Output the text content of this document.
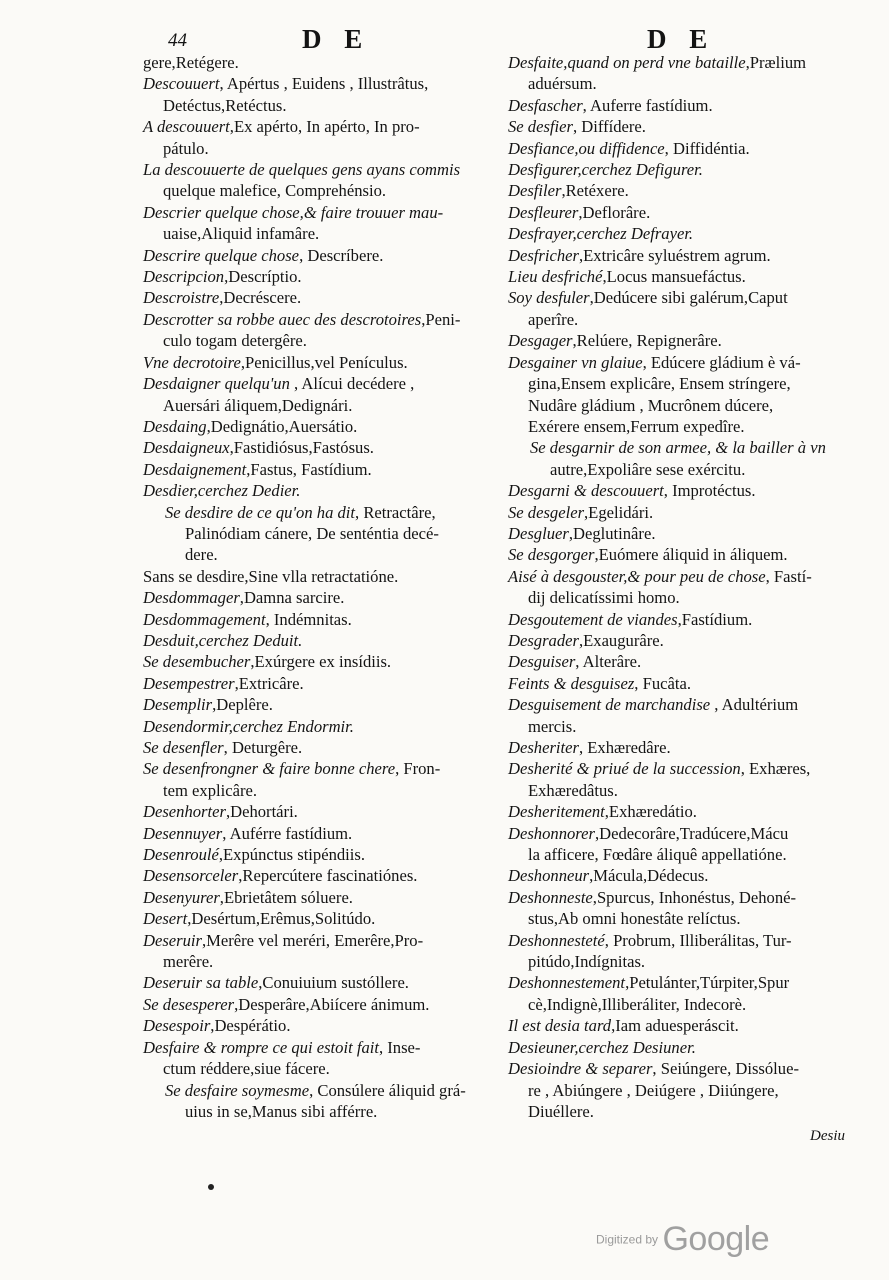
44	D E	D E
gere,Retégere.
Descouuert, Apértus , Euidens , Illustrâtus,
Detéctus,Retéctus.
A descouuert,Ex apérto, In apérto, In pro-
pátulo.
La descouuerte de quelques gens ayans commis
quelque malefice, Comprehénsio.
Descrier quelque chose,& faire trouuer mau-
uaise,Aliquid infamâre.
Descrire quelque chose, Descríbere.
Descripcion,Descríptio.
Descroistre,Decréscere.
Descrotter sa robbe auec des descrotoires,Peni-
culo togam detergêre.
Vne decrotoire,Penicillus,vel Penículus.
Desdaigner quelqu'un , Alícui decédere ,
Auersári áliquem,Dedignári.
Desdaing,Dedignátio,Auersátio.
Desdaigneux,Fastidiósus,Fastósus.
Desdaignement,Fastus, Fastídium.
Desdier,cerchez Dedier.
Se desdire de ce qu'on ha dit, Retractâre,
Palinódiam cánere, De senténtia decé-
dere.
Sans se desdire,Sine vlla retractatióne.
Desdommager,Damna sarcire.
Desdommagement, Indémnitas.
Desduit,cerchez Deduit.
Se desembucher,Exúrgere ex insídiis.
Desempestrer,Extricâre.
Desemplir,Deplêre.
Desendormir,cerchez Endormir.
Se desenfler, Deturgêre.
Se desenfrongner & faire bonne chere, Fron-
tem explicâre.
Desenhorter,Dehortári.
Desennuyer, Auférre fastídium.
Desenroulé,Expúnctus stipéndiis.
Desensorceler,Repercútere fascinatiónes.
Desenyurer,Ebrietâtem sóluere.
Desert,Desértum,Erêmus,Solitúdo.
Deseruir,Merêre vel meréri, Emerêre,Pro-
merêre.
Deseruir sa table,Conuiuium sustóllere.
Se desesperer,Desperâre,Abiícere ánimum.
Desespoir,Despérátio.
Desfaire & rompre ce qui estoit fait, Inse-
ctum réddere,siue fácere.
Se desfaire soymesme, Consúlere áliquid grá-
uius in se,Manus sibi afférre.
Desfaite,quand on perd vne bataille,Prælium
aduérsum.
Desfascher, Auferre fastídium.
Se desfier, Diffídere.
Desfiance,ou diffidence, Diffidéntia.
Desfigurer,cerchez Defigurer.
Desfiler,Retéxere.
Desfleurer,Deflorâre.
Desfrayer,cerchez Defrayer.
Desfricher,Extricâre syluéstrem agrum.
Lieu desfriché,Locus mansuefáctus.
Soy desfuler,Dedúcere sibi galérum,Caput
aperîre.
Desgager,Relúere, Repignerâre.
Desgainer vn glaiue, Edúcere gládium è vá-
gina,Ensem explicâre, Ensem stríngere,
Nudâre gládium , Mucrônem dúcere,
Exérere ensem,Ferrum expedîre.
Se desgarnir de son armee, & la bailler à vn
autre,Expoliâre sese exércitu.
Desgarni & descouuert, Improtéctus.
Se desgeler,Egelidári.
Desgluer,Deglutinâre.
Se desgorger,Euómere áliquid in áliquem.
Aisé à desgouster,& pour peu de chose, Fastí-
dij delicatíssimi homo.
Desgoutement de viandes,Fastídium.
Desgrader,Exaugurâre.
Desguiser, Alterâre.
Feints & desguisez, Fucâta.
Desguisement de marchandise , Adultérium
mercis.
Desheriter, Exhæredâre.
Desherité & priué de la succession, Exhæres,
Exhæredâtus.
Desheritement,Exhæredátio.
Deshonnorer,Dedecorâre,Tradúcere,Mácu
la afficere, Fœdâre áliquê appellatióne.
Deshonneur,Mácula,Dédecus.
Deshonneste,Spurcus, Inhonéstus, Dehoné-
stus,Ab omni honestâte relíctus.
Deshonnesteté, Probrum, Illiberálitas, Tur-
pitúdo,Indígnitas.
Deshonnestement,Petulánter,Túrpiter,Spur
cè,Indignè,Illiberáliter, Indecorè.
Il est desia tard,Iam aduesperáscit.
Desieuner,cerchez Desiuner.
Desioindre & separer, Seiúngere, Dissólue-
re , Abiúngere , Deiúgere , Diiúngere,
Diuéllere.
Desiu
Digitized by Google
